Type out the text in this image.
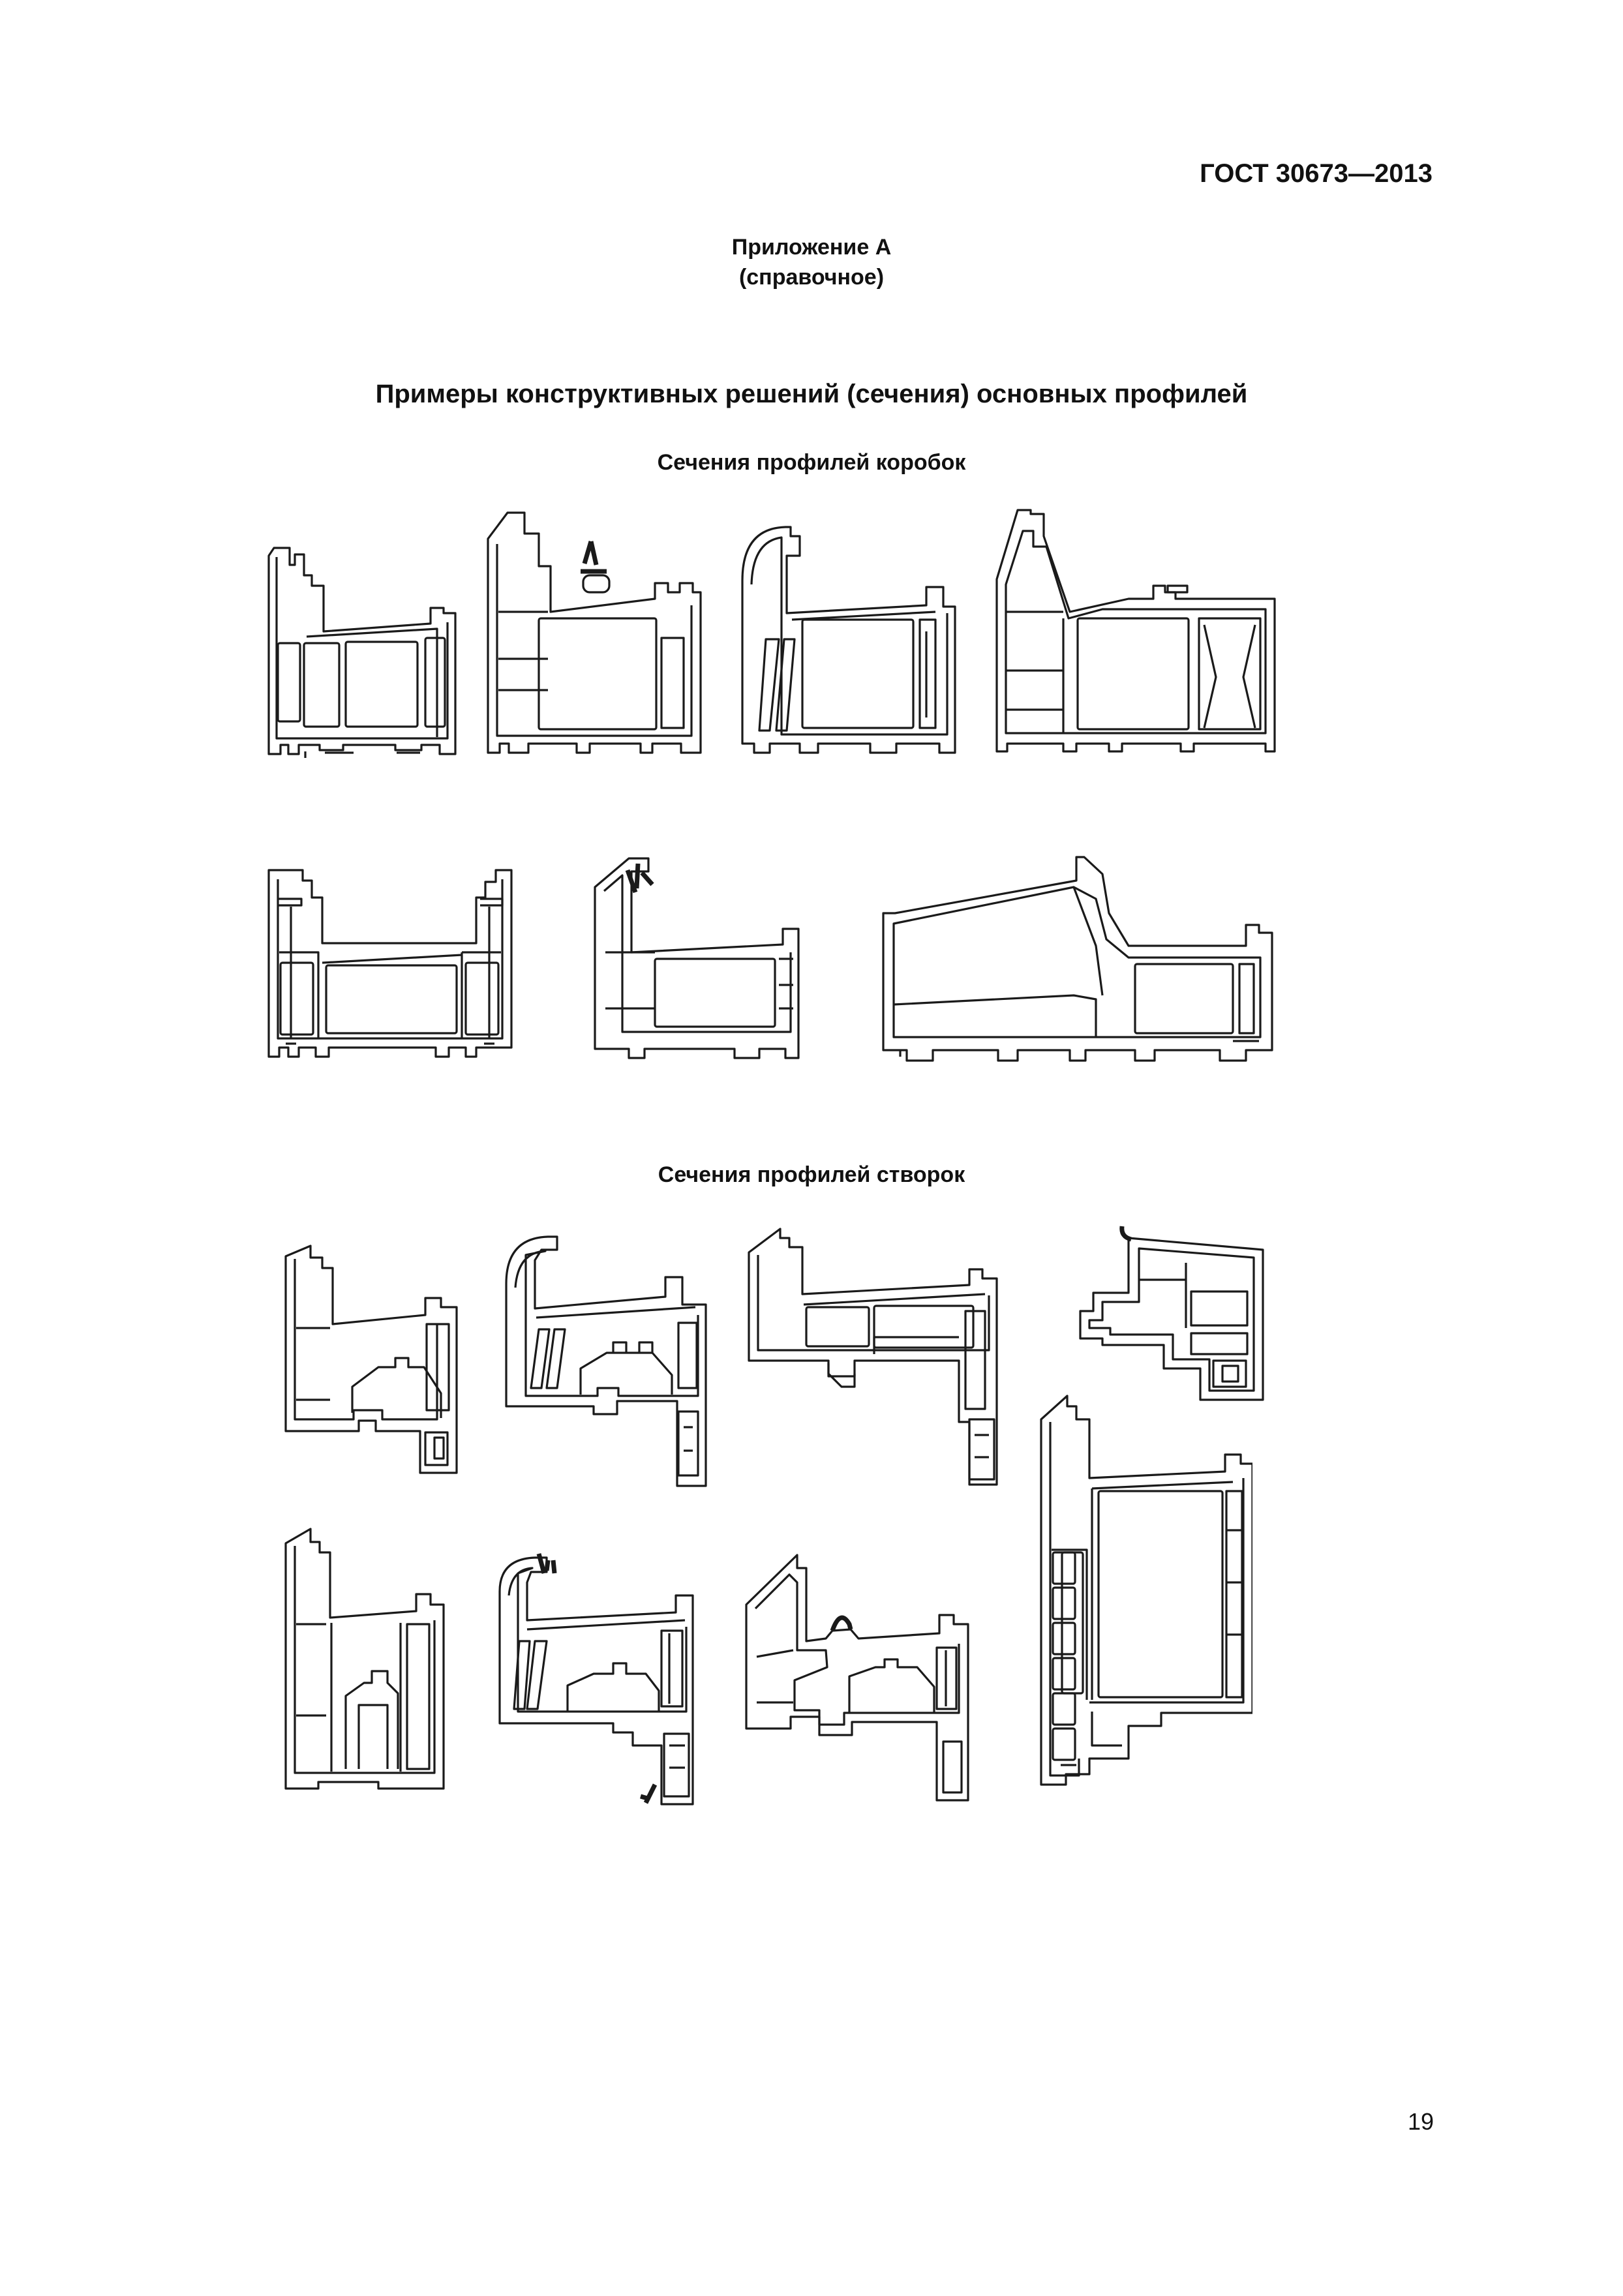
ГОСТ 30673—2013
Приложение А
(справочное)
Примеры конструктивных решений (сечения) основных профилей
Сечения профилей коробок
Сечения профилей створок
19
